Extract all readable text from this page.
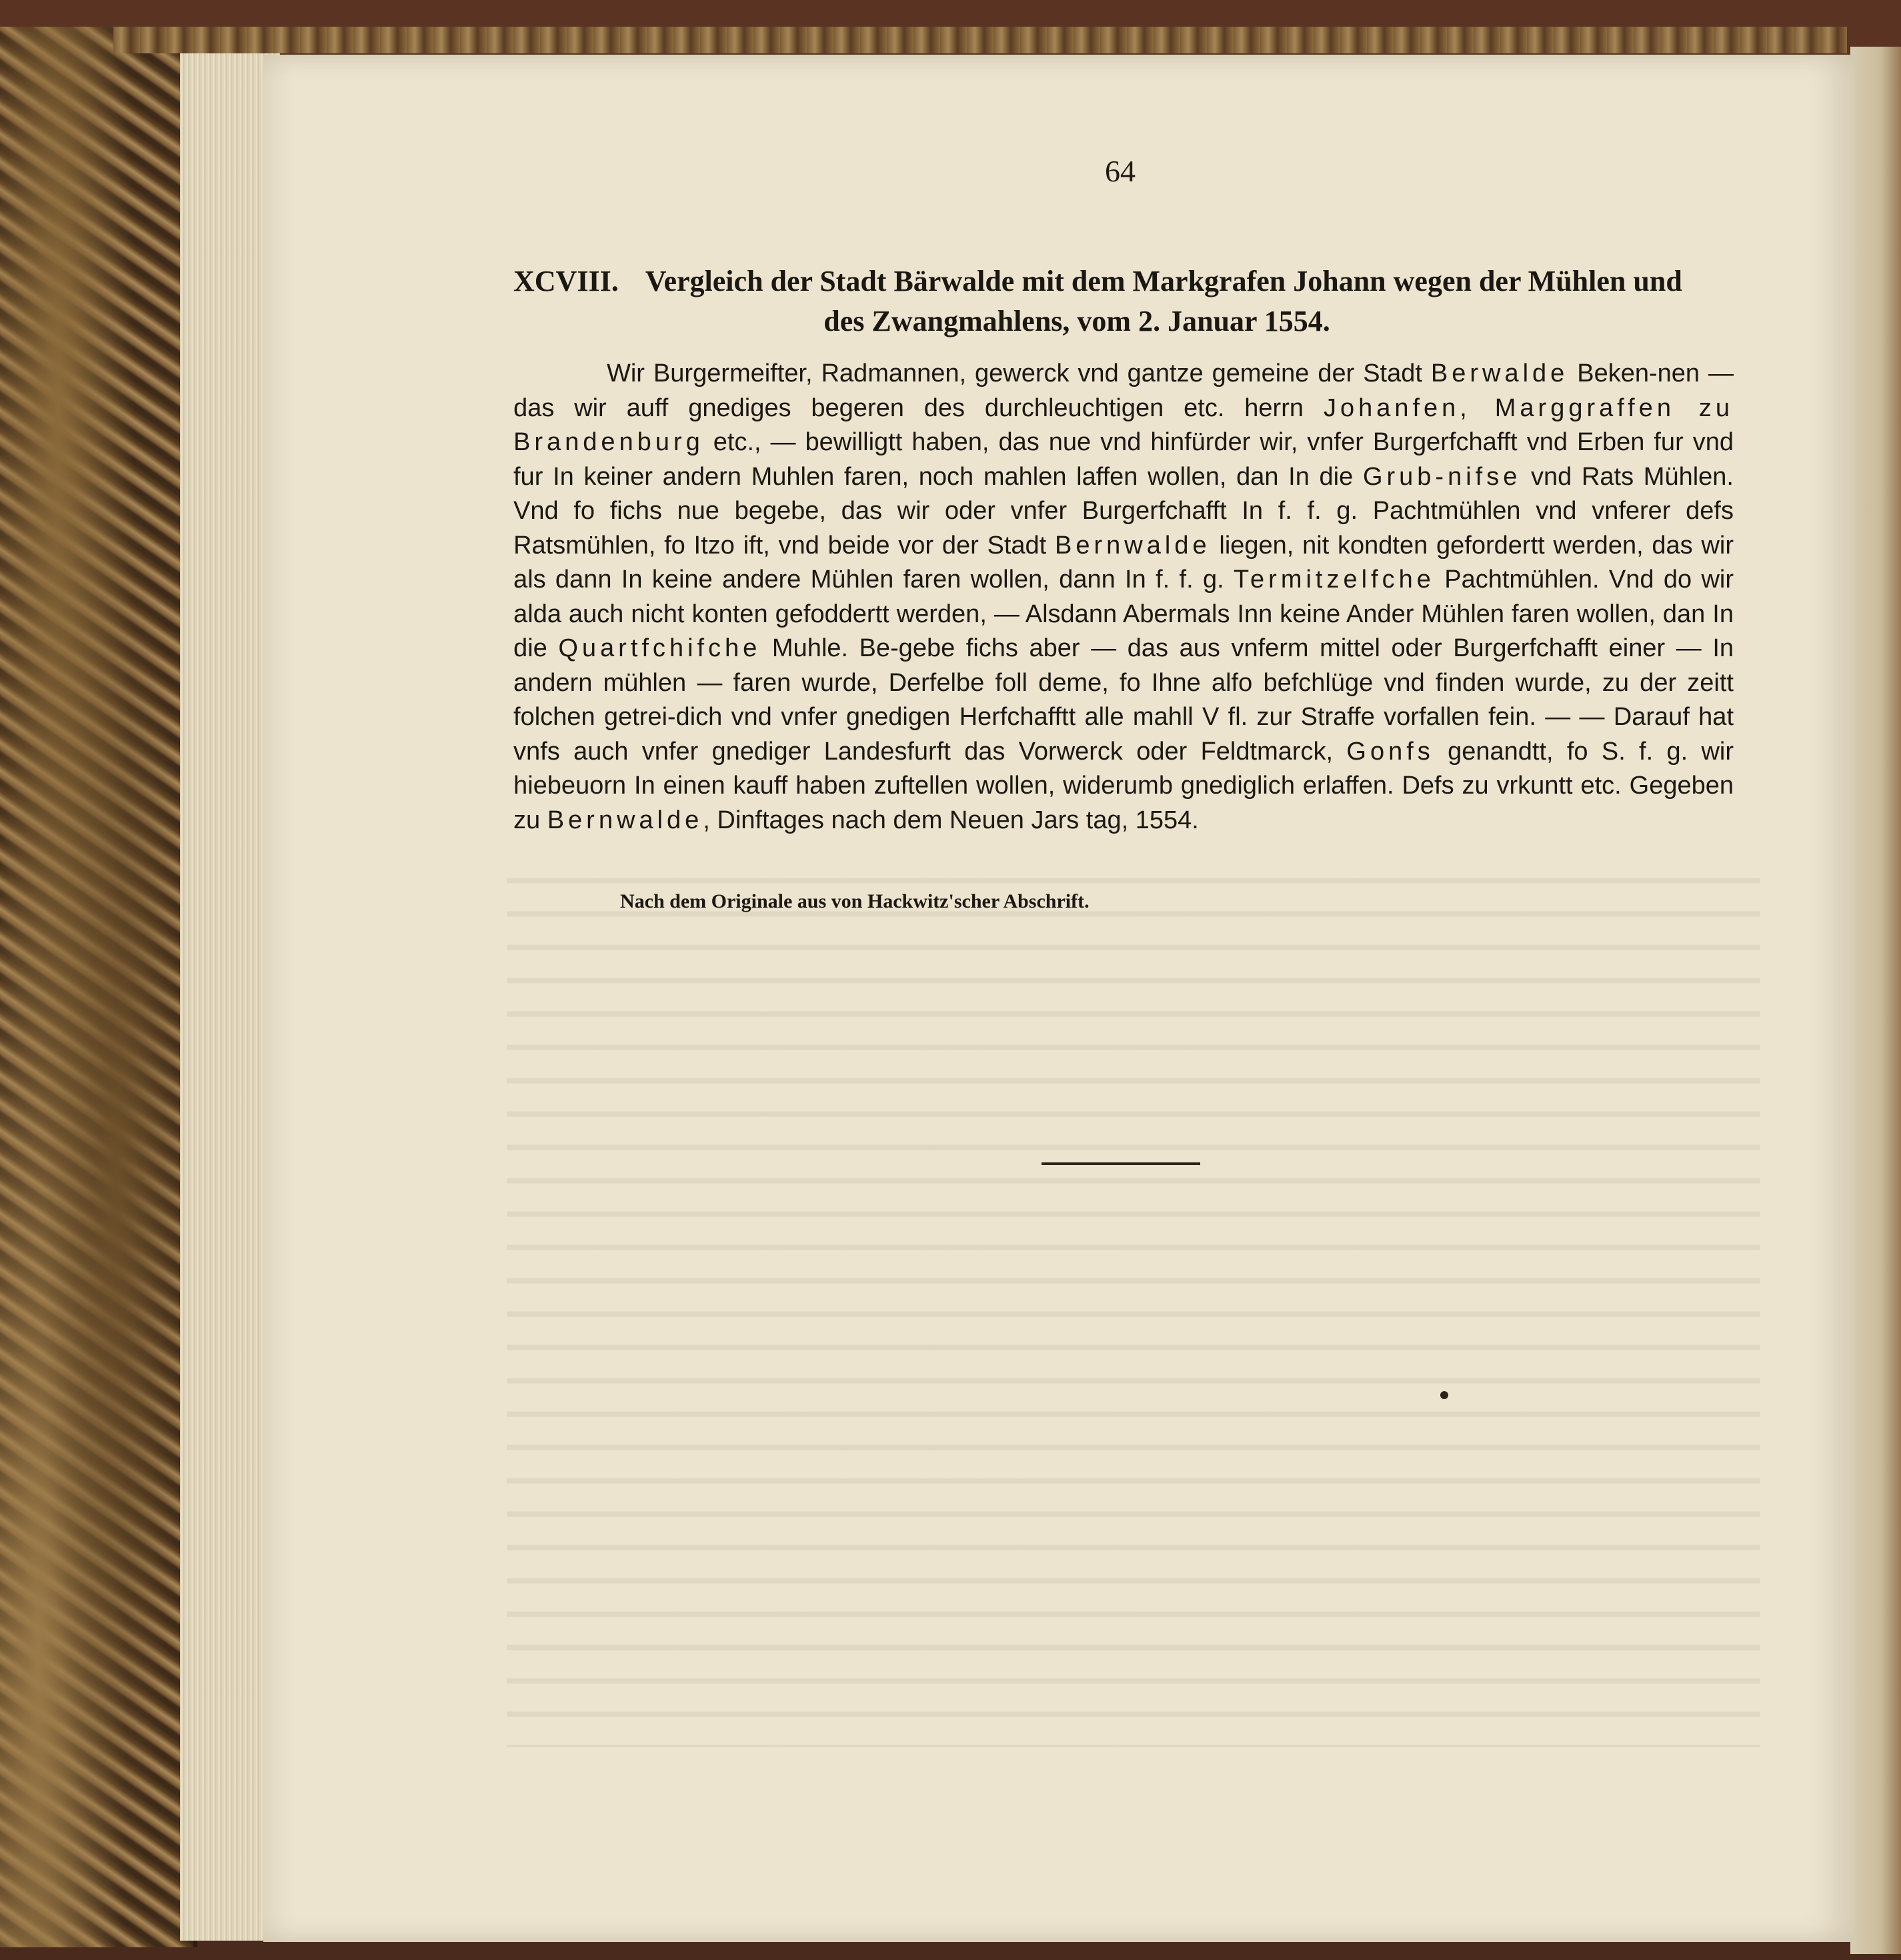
64
XCVIII. Vergleich der Stadt Bärwalde mit dem Markgrafen Johann wegen der Mühlen und
des Zwangmahlens, vom 2. Januar 1554.

Wir Burgermeifter, Radmannen, gewerck vnd gantze gemeine der Stadt Berwalde Beken-nen — das wir auff gnediges begeren des durchleuchtigen etc. herrn Johanfen, Marggraffen zu Brandenburg etc., — bewilligtt haben, das nue vnd hinfürder wir, vnfer Burgerfchafft vnd Erben fur vnd fur In keiner andern Muhlen faren, noch mahlen laffen wollen, dan In die Grub-nifse vnd Rats Mühlen. Vnd fo fichs nue begebe, das wir oder vnfer Burgerfchafft In f. f. g. Pachtmühlen vnd vnferer defs Ratsmühlen, fo Itzo ift, vnd beide vor der Stadt Bernwalde liegen, nit kondten gefordertt werden, das wir als dann In keine andere Mühlen faren wollen, dann In f. f. g. Termitzelfche Pachtmühlen. Vnd do wir alda auch nicht konten gefoddertt werden, — Alsdann Abermals Inn keine Ander Mühlen faren wollen, dan In die Quartfchifche Muhle. Be-gebe fichs aber — das aus vnferm mittel oder Burgerfchafft einer — In andern mühlen — faren wurde, Derfelbe foll deme, fo Ihne alfo befchlüge vnd finden wurde, zu der zeitt folchen getrei-dich vnd vnfer gnedigen Herfchafftt alle mahll V fl. zur Straffe vorfallen fein. — — Darauf hat vnfs auch vnfer gnediger Landesfurft das Vorwerck oder Feldtmarck, Gonfs genandtt, fo S. f. g. wir hiebeuorn In einen kauff haben zuftellen wollen, widerumb gnediglich erlaffen. Defs zu vrkuntt etc. Gegeben zu Bernwalde, Dinftages nach dem Neuen Jars tag, 1554.

Nach dem Originale aus von Hackwitz'scher Abschrift.
